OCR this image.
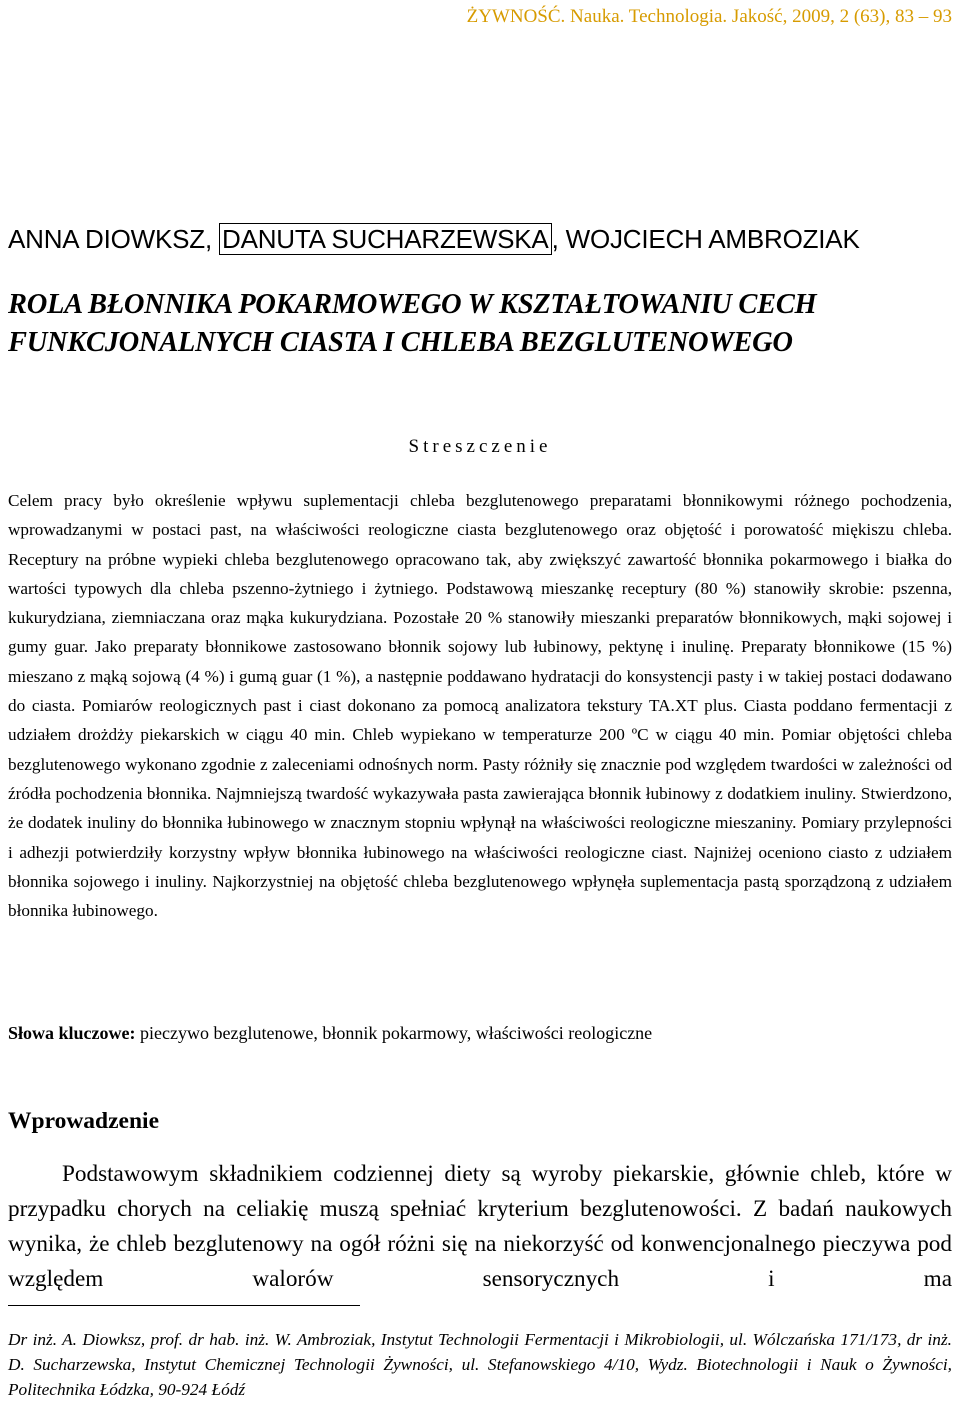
ŻYWNOŚĆ. Nauka. Technologia. Jakość, 2009, 2 (63), 83 – 93
ANNA DIOWKSZ, DANUTA SUCHARZEWSKA , WOJCIECH AMBROZIAK
ROLA BŁONNIKA POKARMOWEGO W KSZTAŁTOWANIU CECH
FUNKCJONALNYCH CIASTA I CHLEBA BEZGLUTENOWEGO
Streszczenie
Celem pracy było określenie wpływu suplementacji chleba bezglutenowego preparatami błonnikowymi różnego pochodzenia, wprowadzanymi w postaci past, na właściwości reologiczne ciasta bezglutenowego oraz objętość i porowatość miękiszu chleba. Receptury na próbne wypieki chleba bezglutenowego opracowano tak, aby zwiększyć zawartość błonnika pokarmowego i białka do wartości typowych dla chleba pszenno-żytniego i żytniego. Podstawową mieszankę receptury (80 %) stanowiły skrobie: pszenna, kukurydziana, ziemniaczana oraz mąka kukurydziana. Pozostałe 20 % stanowiły mieszanki preparatów błonnikowych, mąki sojowej i gumy guar. Jako preparaty błonnikowe zastosowano błonnik sojowy lub łubinowy, pektynę i inulinę. Preparaty błonnikowe (15 %) mieszano z mąką sojową (4 %) i gumą guar (1 %), a następnie poddawano hydratacji do konsystencji pasty i w takiej postaci dodawano do ciasta. Pomiarów reologicznych past i ciast dokonano za pomocą analizatora tekstury TA.XT plus. Ciasta poddano fermentacji z udziałem drożdży piekarskich w ciągu 40 min. Chleb wypiekano w temperaturze 200 ºC w ciągu 40 min. Pomiar objętości chleba bezglutenowego wykonano zgodnie z zaleceniami odnośnych norm. Pasty różniły się znacznie pod względem twardości w zależności od źródła pochodzenia błonnika. Najmniejszą twardość wykazywała pasta zawierająca błonnik łubinowy z dodatkiem inuliny. Stwierdzono, że dodatek inuliny do błonnika łubinowego w znacznym stopniu wpłynął na właściwości reologiczne mieszaniny. Pomiary przylepności i adhezji potwierdziły korzystny wpływ błonnika łubinowego na właściwości reologiczne ciast. Najniżej oceniono ciasto z udziałem błonnika sojowego i inuliny. Najkorzystniej na objętość chleba bezglutenowego wpłynęła suplementacja pastą sporządzoną z udziałem błonnika łubinowego.
Słowa kluczowe: pieczywo bezglutenowe, błonnik pokarmowy, właściwości reologiczne
Wprowadzenie
Podstawowym składnikiem codziennej diety są wyroby piekarskie, głównie chleb, które w przypadku chorych na celiakię muszą spełniać kryterium bezglutenowości. Z badań naukowych wynika, że chleb bezglutenowy na ogół różni się na niekorzyść od konwencjonalnego pieczywa pod względem walorów sensorycznych i ma
Dr inż. A. Diowksz, prof. dr hab. inż. W. Ambroziak, Instytut Technologii Fermentacji i Mikrobiologii, ul. Wólczańska 171/173, dr inż. D. Sucharzewska, Instytut Chemicznej Technologii Żywności, ul. Stefanowskiego 4/10, Wydz. Biotechnologii i Nauk o Żywności, Politechnika Łódzka, 90-924 Łódź
